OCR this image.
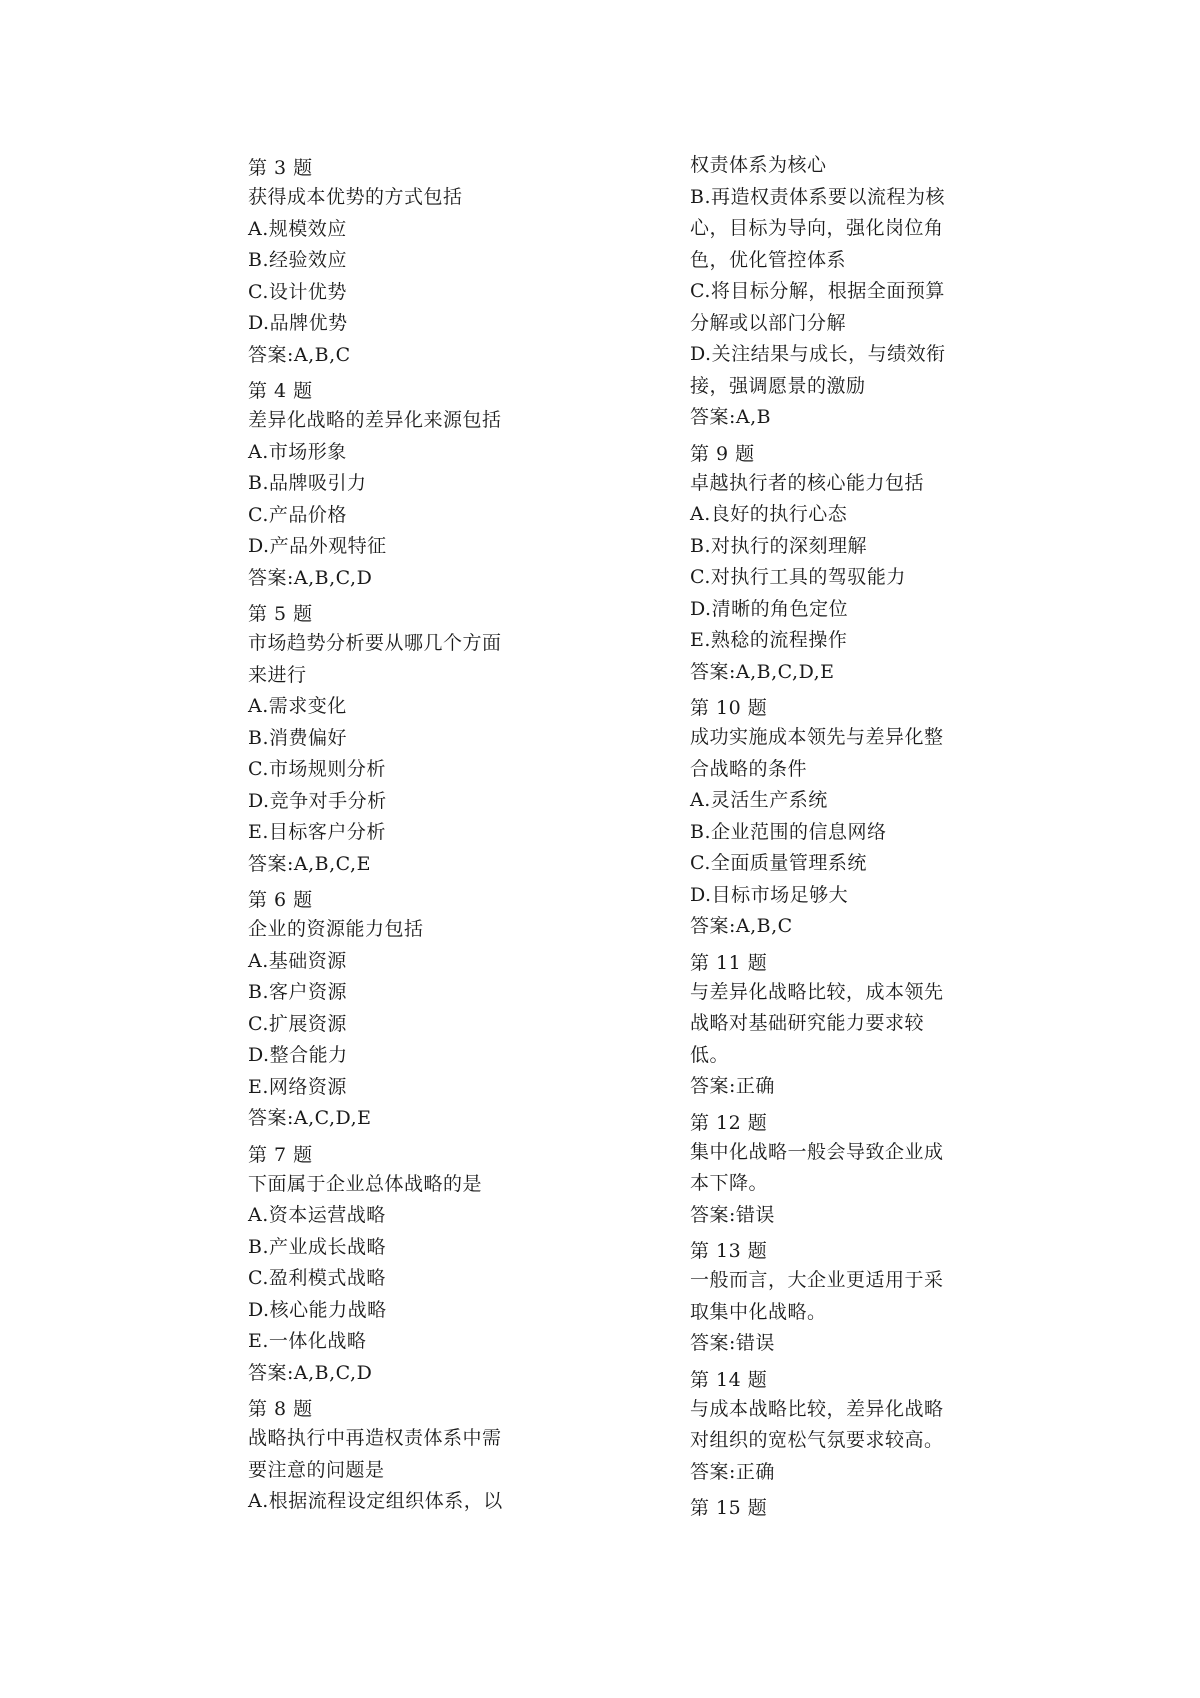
第 3 题
获得成本优势的方式包括
A.规模效应
B.经验效应
C.设计优势
D.品牌优势
答案:A,B,C
第 4 题
差异化战略的差异化来源包括
A.市场形象
B.品牌吸引力
C.产品价格
D.产品外观特征
答案:A,B,C,D
第 5 题
市场趋势分析要从哪几个方面
来进行
A.需求变化
B.消费偏好
C.市场规则分析
D.竞争对手分析
E.目标客户分析
答案:A,B,C,E
第 6 题
企业的资源能力包括
A.基础资源
B.客户资源
C.扩展资源
D.整合能力
E.网络资源
答案:A,C,D,E
第 7 题
下面属于企业总体战略的是
A.资本运营战略
B.产业成长战略
C.盈利模式战略
D.核心能力战略
E.一体化战略
答案:A,B,C,D
第 8 题
战略执行中再造权责体系中需
要注意的问题是
A.根据流程设定组织体系，以
权责体系为核心
B.再造权责体系要以流程为核
心，目标为导向，强化岗位角
色，优化管控体系
C.将目标分解，根据全面预算
分解或以部门分解
D.关注结果与成长，与绩效衔
接，强调愿景的激励
答案:A,B
第 9 题
卓越执行者的核心能力包括
A.良好的执行心态
B.对执行的深刻理解
C.对执行工具的驾驭能力
D.清晰的角色定位
E.熟稔的流程操作
答案:A,B,C,D,E
第 10 题
成功实施成本领先与差异化整
合战略的条件
A.灵活生产系统
B.企业范围的信息网络
C.全面质量管理系统
D.目标市场足够大
答案:A,B,C
第 11 题
与差异化战略比较，成本领先
战略对基础研究能力要求较
低。
答案:正确
第 12 题
集中化战略一般会导致企业成
本下降。
答案:错误
第 13 题
一般而言，大企业更适用于采
取集中化战略。
答案:错误
第 14 题
与成本战略比较，差异化战略
对组织的宽松气氛要求较高。
答案:正确
第 15 题
